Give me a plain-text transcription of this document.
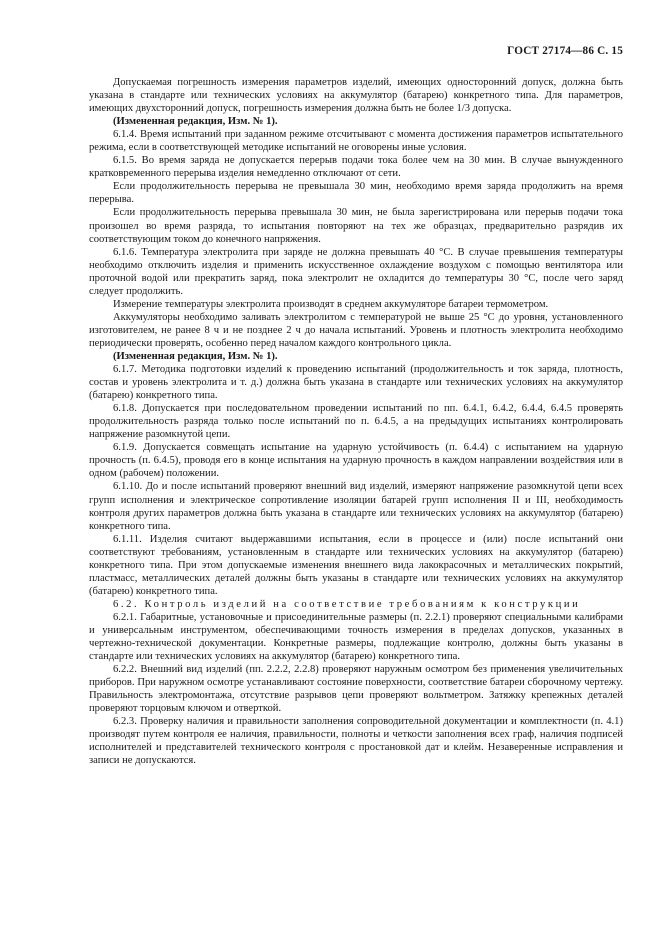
ГОСТ 27174—86 С. 15

Допускаемая погрешность измерения параметров изделий, имеющих односторонний допуск, должна быть указана в стандарте или технических условиях на аккумулятор (батарею) конкретного типа. Для параметров, имеющих двухсторонний допуск, погрешность измерения должна быть не более 1/3 допуска.

(Измененная редакция, Изм. № 1).

6.1.4. Время испытаний при заданном режиме отсчитывают с момента достижения параметров испытательного режима, если в соответствующей методике испытаний не оговорены иные условия.

6.1.5. Во время заряда не допускается перерыв подачи тока более чем на 30 мин. В случае вынужденного кратковременного перерыва изделия немедленно отключают от сети.

Если продолжительность перерыва не превышала 30 мин, необходимо время заряда продолжить на время перерыва.

Если продолжительность перерыва превышала 30 мин, не была зарегистрирована или перерыв подачи тока произошел во время разряда, то испытания повторяют на тех же образцах, предварительно разрядив их соответствующим током до конечного напряжения.

6.1.6. Температура электролита при заряде не должна превышать 40 °С. В случае превышения температуры необходимо отключить изделия и применить искусственное охлаждение воздухом с помощью вентилятора или проточной водой или прекратить заряд, пока электролит не охладится до температуры 30 °С, после чего заряд следует продолжить.

Измерение температуры электролита производят в среднем аккумуляторе батареи термометром.

Аккумуляторы необходимо заливать электролитом с температурой не выше 25 °С до уровня, установленного изготовителем, не ранее 8 ч и не позднее 2 ч до начала испытаний. Уровень и плотность электролита необходимо периодически проверять, особенно перед началом каждого контрольного цикла.

(Измененная редакция, Изм. № 1).

6.1.7. Методика подготовки изделий к проведению испытаний (продолжительность и ток заряда, плотность, состав и уровень электролита и т. д.) должна быть указана в стандарте или технических условиях на аккумулятор (батарею) конкретного типа.

6.1.8. Допускается при последовательном проведении испытаний по пп. 6.4.1, 6.4.2, 6.4.4, 6.4.5 проверять продолжительность разряда только после испытаний по п. 6.4.5, а на предыдущих испытаниях контролировать напряжение разомкнутой цепи.

6.1.9. Допускается совмещать испытание на ударную устойчивость (п. 6.4.4) с испытанием на ударную прочность (п. 6.4.5), проводя его в конце испытания на ударную прочность в каждом направлении воздействия или в одном (рабочем) положении.

6.1.10. До и после испытаний проверяют внешний вид изделий, измеряют напряжение разомкнутой цепи всех групп исполнения и электрическое сопротивление изоляции батарей групп исполнения II и III, необходимость контроля других параметров должна быть указана в стандарте или технических условиях на аккумулятор (батарею) конкретного типа.

6.1.11. Изделия считают выдержавшими испытания, если в процессе и (или) после испытаний они соответствуют требованиям, установленным в стандарте или технических условиях на аккумулятор (батарею) конкретного типа. При этом допускаемые изменения внешнего вида лакокрасочных и металлических покрытий, пластмасс, металлических деталей должны быть указаны в стандарте или технических условиях на аккумулятор (батарею) конкретного типа.

6.2. Контроль изделий на соответствие требованиям к конструкции

6.2.1. Габаритные, установочные и присоединительные размеры (п. 2.2.1) проверяют специальными калибрами и универсальным инструментом, обеспечивающими точность измерения в пределах допусков, указанных в чертежно-технической документации. Конкретные размеры, подлежащие контролю, должны быть указаны в стандарте или технических условиях на аккумулятор (батарею) конкретного типа.

6.2.2. Внешний вид изделий (пп. 2.2.2, 2.2.8) проверяют наружным осмотром без применения увеличительных приборов. При наружном осмотре устанавливают состояние поверхности, соответствие батареи сборочному чертежу. Правильность электромонтажа, отсутствие разрывов цепи проверяют вольтметром. Затяжку крепежных деталей проверяют торцовым ключом и отверткой.

6.2.3. Проверку наличия и правильности заполнения сопроводительной документации и комплектности (п. 4.1) производят путем контроля ее наличия, правильности, полноты и четкости заполнения всех граф, наличия подписей исполнителей и представителей технического контроля с простановкой дат и клейм. Незаверенные исправления и записи не допускаются.
